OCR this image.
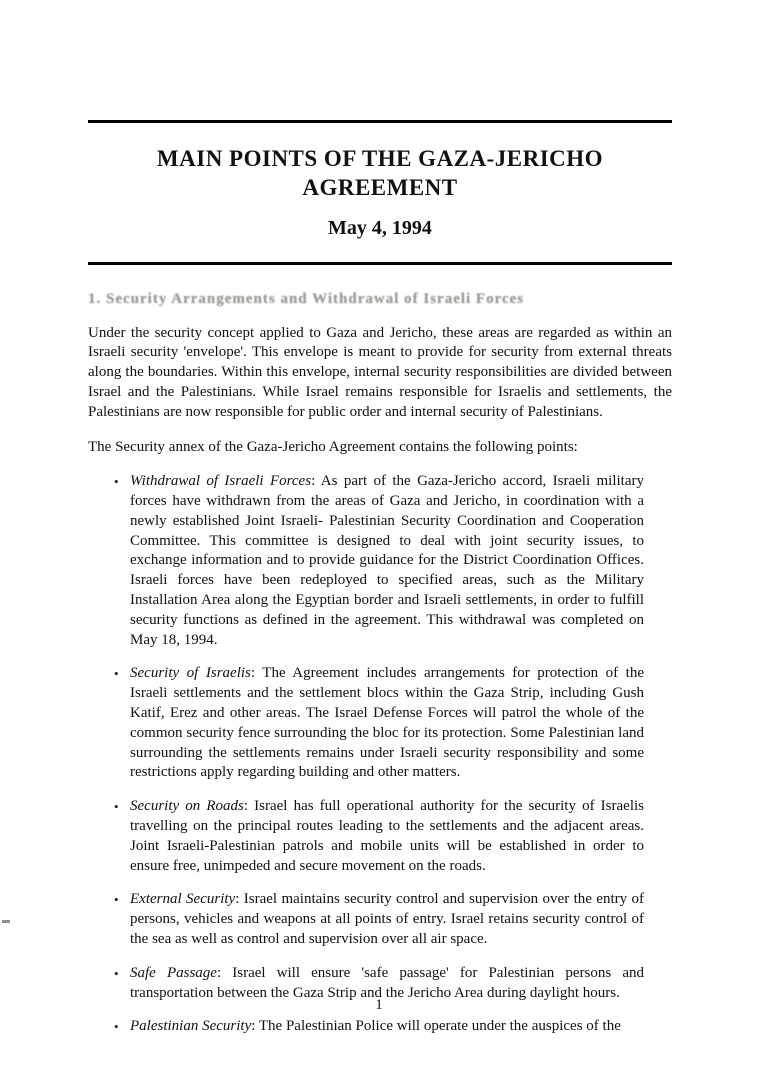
MAIN POINTS OF THE GAZA-JERICHO
AGREEMENT
May 4, 1994
1. Security Arrangements and Withdrawal of Israeli Forces

Under the security concept applied to Gaza and Jericho, these areas are regarded as within an Israeli security 'envelope'. This envelope is meant to provide for security from external threats along the boundaries. Within this envelope, internal security responsibilities are divided between Israel and the Palestinians. While Israel remains responsible for Israelis and settlements, the Palestinians are now responsible for public order and internal security of Palestinians.

The Security annex of the Gaza-Jericho Agreement contains the following points:

• Withdrawal of Israeli Forces: As part of the Gaza-Jericho accord, Israeli military forces have withdrawn from the areas of Gaza and Jericho, in coordination with a newly established Joint Israeli- Palestinian Security Coordination and Cooperation Committee. This committee is designed to deal with joint security issues, to exchange information and to provide guidance for the District Coordination Offices. Israeli forces have been redeployed to specified areas, such as the Military Installation Area along the Egyptian border and Israeli settlements, in order to fulfill security functions as defined in the agreement. This withdrawal was completed on May 18, 1994.
• Security of Israelis: The Agreement includes arrangements for protection of the Israeli settlements and the settlement blocs within the Gaza Strip, including Gush Katif, Erez and other areas. The Israel Defense Forces will patrol the whole of the common security fence surrounding the bloc for its protection. Some Palestinian land surrounding the settlements remains under Israeli security responsibility and some restrictions apply regarding building and other matters.
• Security on Roads: Israel has full operational authority for the security of Israelis travelling on the principal routes leading to the settlements and the adjacent areas. Joint Israeli-Palestinian patrols and mobile units will be established in order to ensure free, unimpeded and secure movement on the roads.
• External Security: Israel maintains security control and supervision over the entry of persons, vehicles and weapons at all points of entry. Israel retains security control of the sea as well as control and supervision over all air space.
• Safe Passage: Israel will ensure 'safe passage' for Palestinian persons and transportation between the Gaza Strip and the Jericho Area during daylight hours.
• Palestinian Security: The Palestinian Police will operate under the auspices of the
1
